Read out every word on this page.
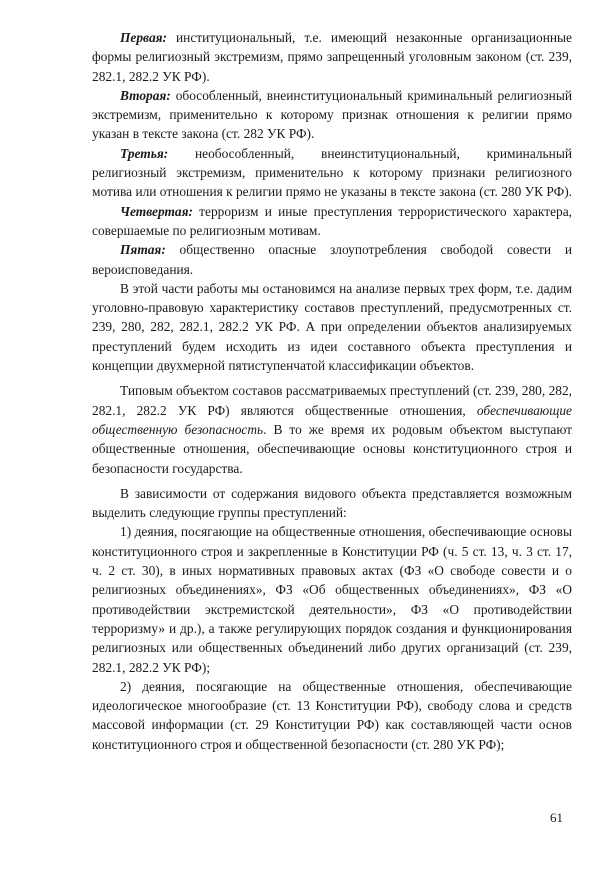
Первая: институциональный, т.е. имеющий незаконные организационные формы религиозный экстремизм, прямо запрещенный уголовным законом (ст. 239, 282.1, 282.2 УК РФ).

Вторая: обособленный, внеинституциональный криминальный религиозный экстремизм, применительно к которому признак отношения к религии прямо указан в тексте закона (ст. 282 УК РФ).

Третья: необособленный, внеинституциональный, криминальный религиозный экстремизм, применительно к которому признаки религиозного мотива или отношения к религии прямо не указаны в тексте закона (ст. 280 УК РФ).

Четвертая: терроризм и иные преступления террористического характера, совершаемые по религиозным мотивам.

Пятая: общественно опасные злоупотребления свободой совести и вероисповедания.

В этой части работы мы остановимся на анализе первых трех форм, т.е. дадим уголовно-правовую характеристику составов преступлений, предусмотренных ст. 239, 280, 282, 282.1, 282.2 УК РФ. А при определении объектов анализируемых преступлений будем исходить из идеи составного объекта преступления и концепции двухмерной пятиступенчатой классификации объектов.

Типовым объектом составов рассматриваемых преступлений (ст. 239, 280, 282, 282.1, 282.2 УК РФ) являются общественные отношения, обеспечивающие общественную безопасность. В то же время их родовым объектом выступают общественные отношения, обеспечивающие основы конституционного строя и безопасности государства.

В зависимости от содержания видового объекта представляется возможным выделить следующие группы преступлений:

1) деяния, посягающие на общественные отношения, обеспечивающие основы конституционного строя и закрепленные в Конституции РФ (ч. 5 ст. 13, ч. 3 ст. 17, ч. 2 ст. 30), в иных нормативных правовых актах (ФЗ «О свободе совести и о религиозных объединениях», ФЗ «Об общественных объединениях», ФЗ «О противодействии экстремистской деятельности», ФЗ «О противодействии терроризму» и др.), а также регулирующих порядок создания и функционирования религиозных или общественных объединений либо других организаций (ст. 239, 282.1, 282.2 УК РФ);

2) деяния, посягающие на общественные отношения, обеспечивающие идеологическое многообразие (ст. 13 Конституции РФ), свободу слова и средств массовой информации (ст. 29 Конституции РФ) как составляющей части основ конституционного строя и общественной безопасности (ст. 280 УК РФ);

61
